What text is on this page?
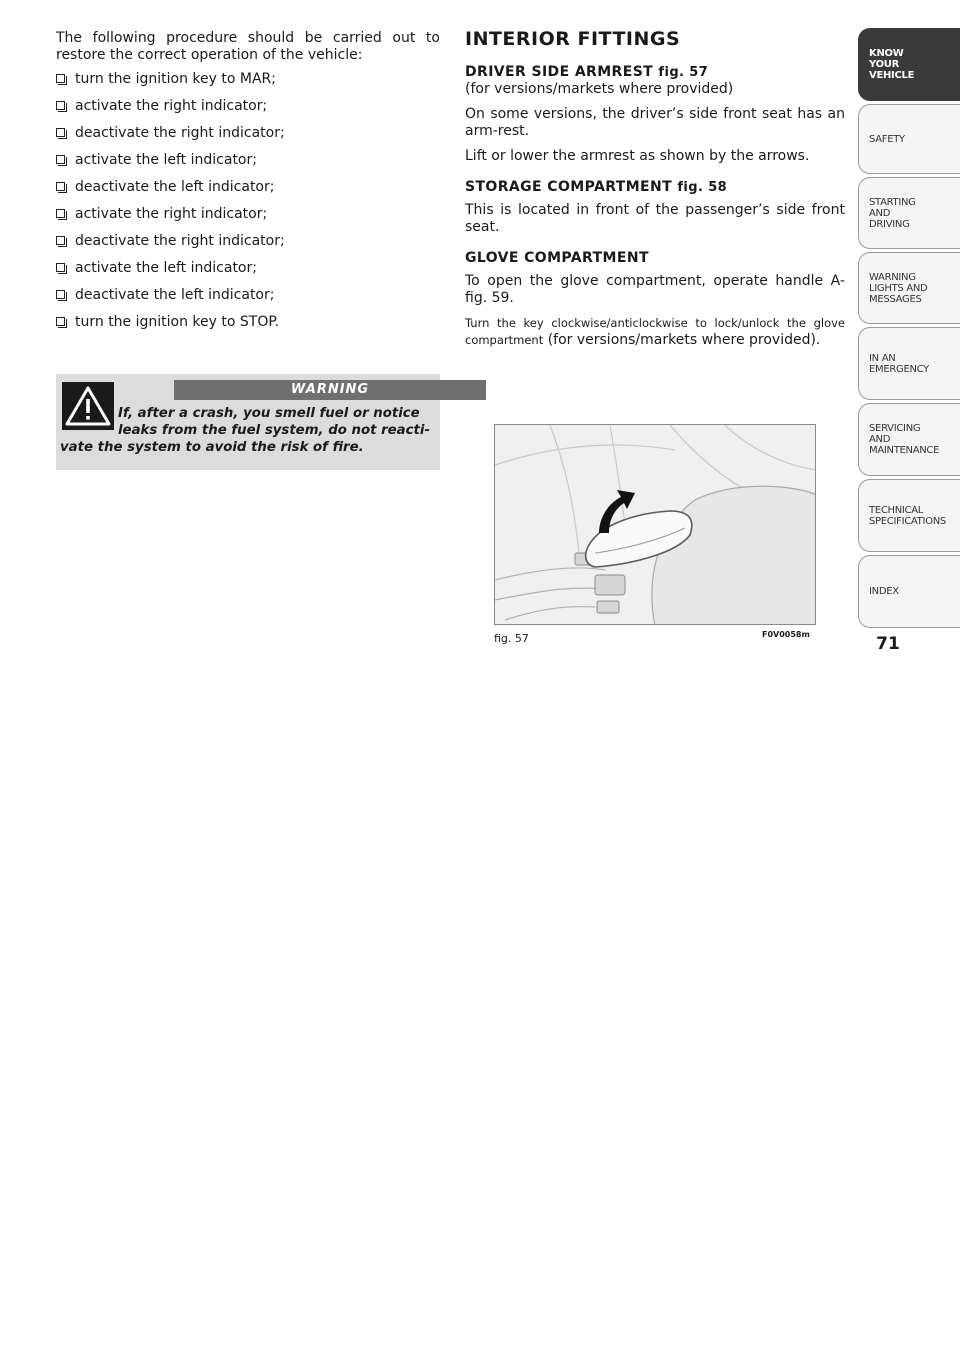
The following procedure should be carried out to restore the correct operation of the vehicle:

turn the ignition key to MAR;
activate the right indicator;
deactivate the right indicator;
activate the left indicator;
deactivate the left indicator;
activate the right indicator;
deactivate the right indicator;
activate the left indicator;
deactivate the left indicator;
turn the ignition key to STOP.
WARNING
If, after a crash, you smell fuel or notice
leaks from the fuel system, do not reacti-
vate the system to avoid the risk of fire.
INTERIOR FITTINGS
DRIVER SIDE ARMREST fig. 57

(for versions/markets where provided)

On some versions, the driver’s side front seat has an arm-rest.

Lift or lower the armrest as shown by the arrows.

STORAGE COMPARTMENT fig. 58

This is located in front of the passenger’s side front seat.

GLOVE COMPARTMENT

To open the glove compartment, operate handle A-fig. 59.

Turn the key clockwise/anticlockwise to lock/unlock the glove compartment (for versions/markets where provided).

fig. 57	F0V0058m
KNOW
YOUR
VEHICLE
SAFETY
STARTING
AND
DRIVING
WARNING
LIGHTS AND
MESSAGES
IN AN
EMERGENCY
SERVICING
AND
MAINTENANCE
TECHNICAL
SPECIFICATIONS
INDEX
71
